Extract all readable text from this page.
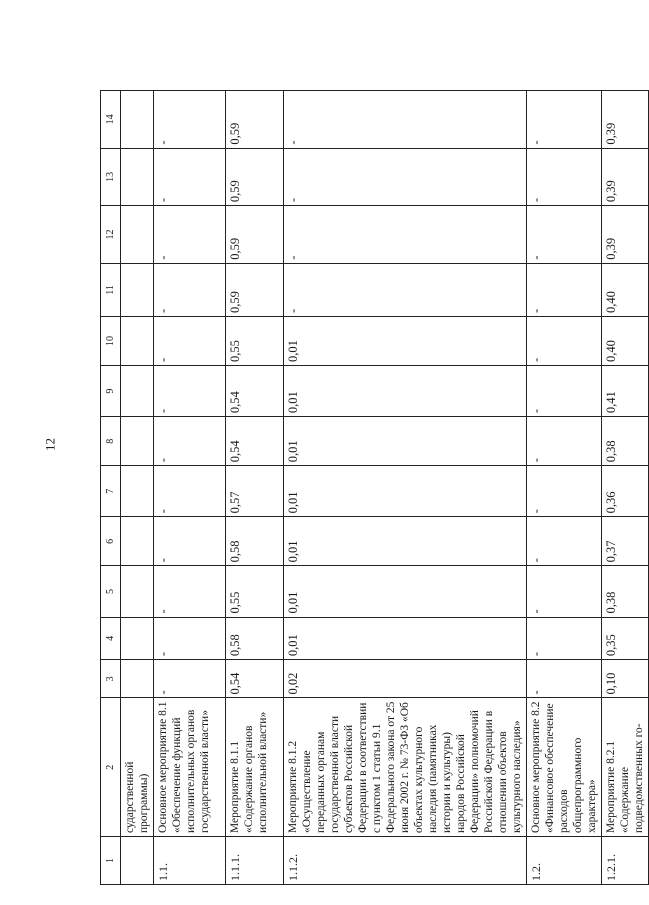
12
1	2	3	4	5	6	7	8	9	10	11	12	13	14
	сударственной программы)												
1.1.	Основное мероприятие 8.1 «Обеспечение функций исполнительных органов государственной власти»	-	-	-	-	-	-	-	-	-	-	-	-
1.1.1.	Мероприятие 8.1.1 «Содержание органов исполнительной власти»	0,54	0,58	0,55	0,58	0,57	0,54	0,54	0,55	0,59	0,59	0,59	0,59
1.1.2.	Мероприятие 8.1.2 «Осуществление переданных органам государственной власти субъектов Российской Федерации в соответствии с пунктом 1 статьи 9.1 Федерального закона от 25 июня 2002 г. № 73-ФЗ «Об объектах культурного наследия (памятниках истории и культуры) народов Российской Федерации» полномочий Российской Федерации в отношении объектов культурного наследия»	0,02	0,01	0,01	0,01	0,01	0,01	0,01	0,01	-	-	-	-
1.2.	Основное мероприятие 8.2 «Финансовое обеспечение расходов общепрограммного характера»	-	-	-	-	-	-	-	-	-	-	-	-
1.2.1.	Мероприятие 8.2.1 «Содержание подведомственных го-	0,10	0,35	0,38	0,37	0,36	0,38	0,41	0,40	0,40	0,39	0,39	0,39
